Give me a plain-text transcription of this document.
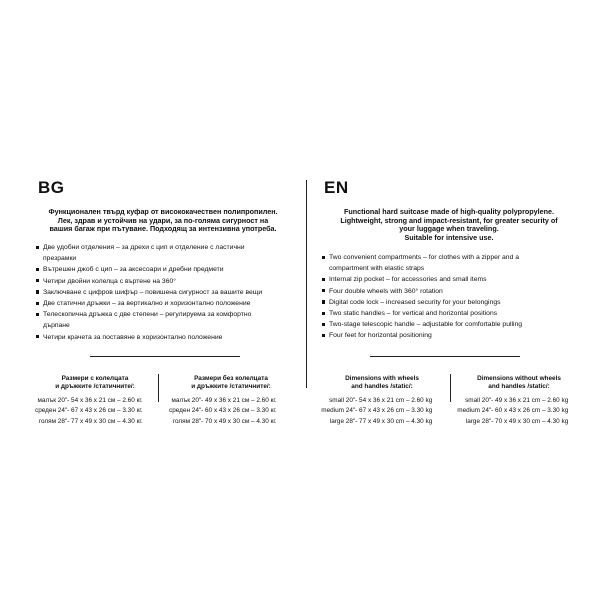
BG
Функционален твърд куфар от висококачествен полипропилен.
Лек, здрав и устойчив на удари, за по-голяма сигурност на
вашия багаж при пътуване. Подходящ за интензивна употреба.
Две удобни отделения – за дрехи с цип и отделение с ластични
презрамки
Вътрешен джоб с цип – за аксесоари и дребни предмети
Четири двойни колелца с въртене на 360°
Заключване с цифров шифър – повишена сигурност за вашите вещи
Две статични дръжки – за вертикално и хоризонтално положение
Телескопична дръжка с две степени – регулируема за комфортно
дърпане
Четири крачета за поставяне в хоризонтално положение
Размери с колелцата
и дръжките /статичните/:
малък 20"- 54 x 36 x 21 см – 2.60 кг.
среден 24"- 67 x 43 x 26 см – 3.30 кг.
голям 28"- 77 x 49 x 30 см – 4.30 кг.
Размери без колелцата
и дръжките /статичните/:
малък 20"- 49 x 36 x 21 см – 2.60 кг.
среден 24"- 60 x 43 x 26 см – 3.30 кг.
голям 28"- 70 x 49 x 30 см – 4.30 кг.
EN
Functional hard suitcase made of high-quality polypropylene.
Lightweight, strong and impact-resistant, for greater security of
your luggage when traveling.
Suitable for intensive use.
Two convenient compartments – for clothes with a zipper and a
compartment with elastic straps
Internal zip pocket – for accessories and small items
Four double wheels with 360° rotation
Digital code lock – increased security for your belongings
Two static handles – for vertical and horizontal positions
Two-stage telescopic handle – adjustable for comfortable pulling
Four feet for horizontal positioning
Dimensions with wheels
and handles /static/:
small 20"- 54 x 36 x 21 cm – 2.60 kg
medium 24"- 67 x 43 x 26 cm – 3.30 kg
large 28"- 77 x 49 x 30 cm – 4.30 kg
Dimensions without wheels
and handles /static/:
small 20"- 49 x 36 x 21 cm – 2.60 kg
medium 24"- 60 x 43 x 26 cm – 3.30 kg
large 28"- 70 x 49 x 30 cm – 4.30 kg
